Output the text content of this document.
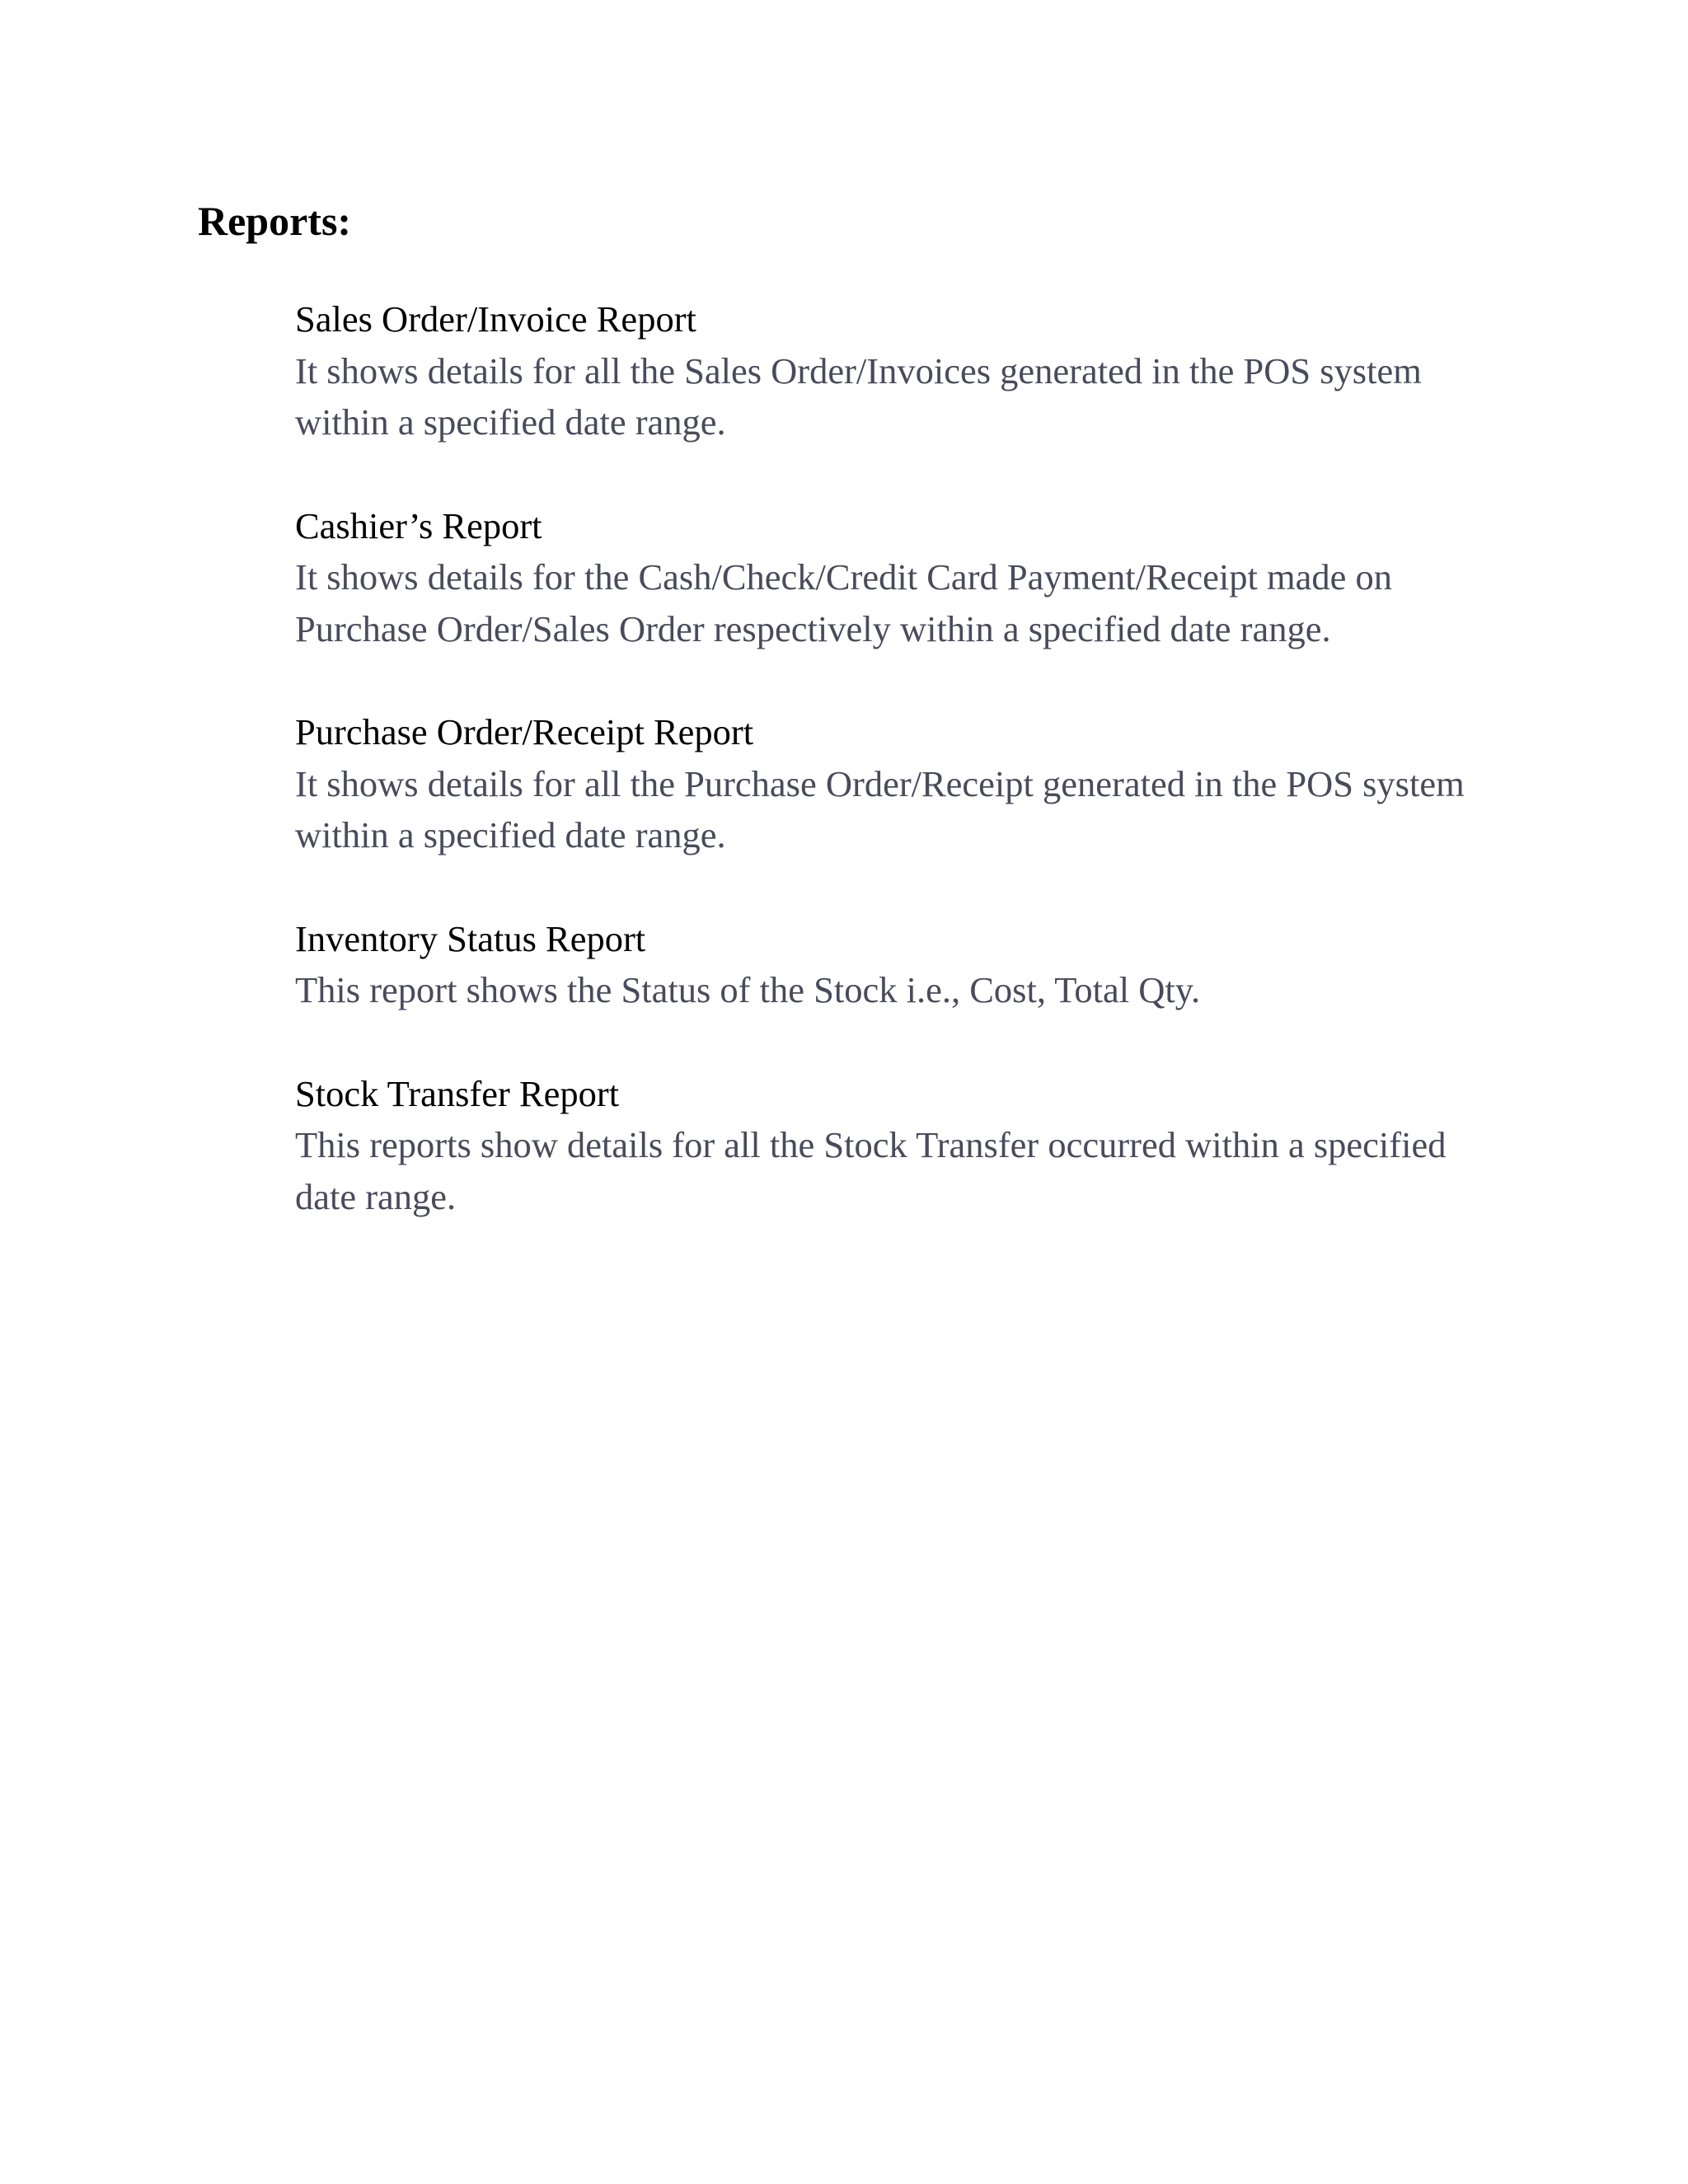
Reports:
Sales Order/Invoice Report
It shows details for all the Sales Order/Invoices generated in the POS system within a specified date range.
Cashier’s Report
It shows details for the Cash/Check/Credit Card Payment/Receipt made on Purchase Order/Sales Order respectively within a specified date range.
Purchase Order/Receipt Report
It shows details for all the Purchase Order/Receipt generated in the POS system within a specified date range.
Inventory Status Report
This report shows the Status of the Stock i.e., Cost, Total Qty.
Stock Transfer Report
This reports show details for all the Stock Transfer occurred within a specified date range.
